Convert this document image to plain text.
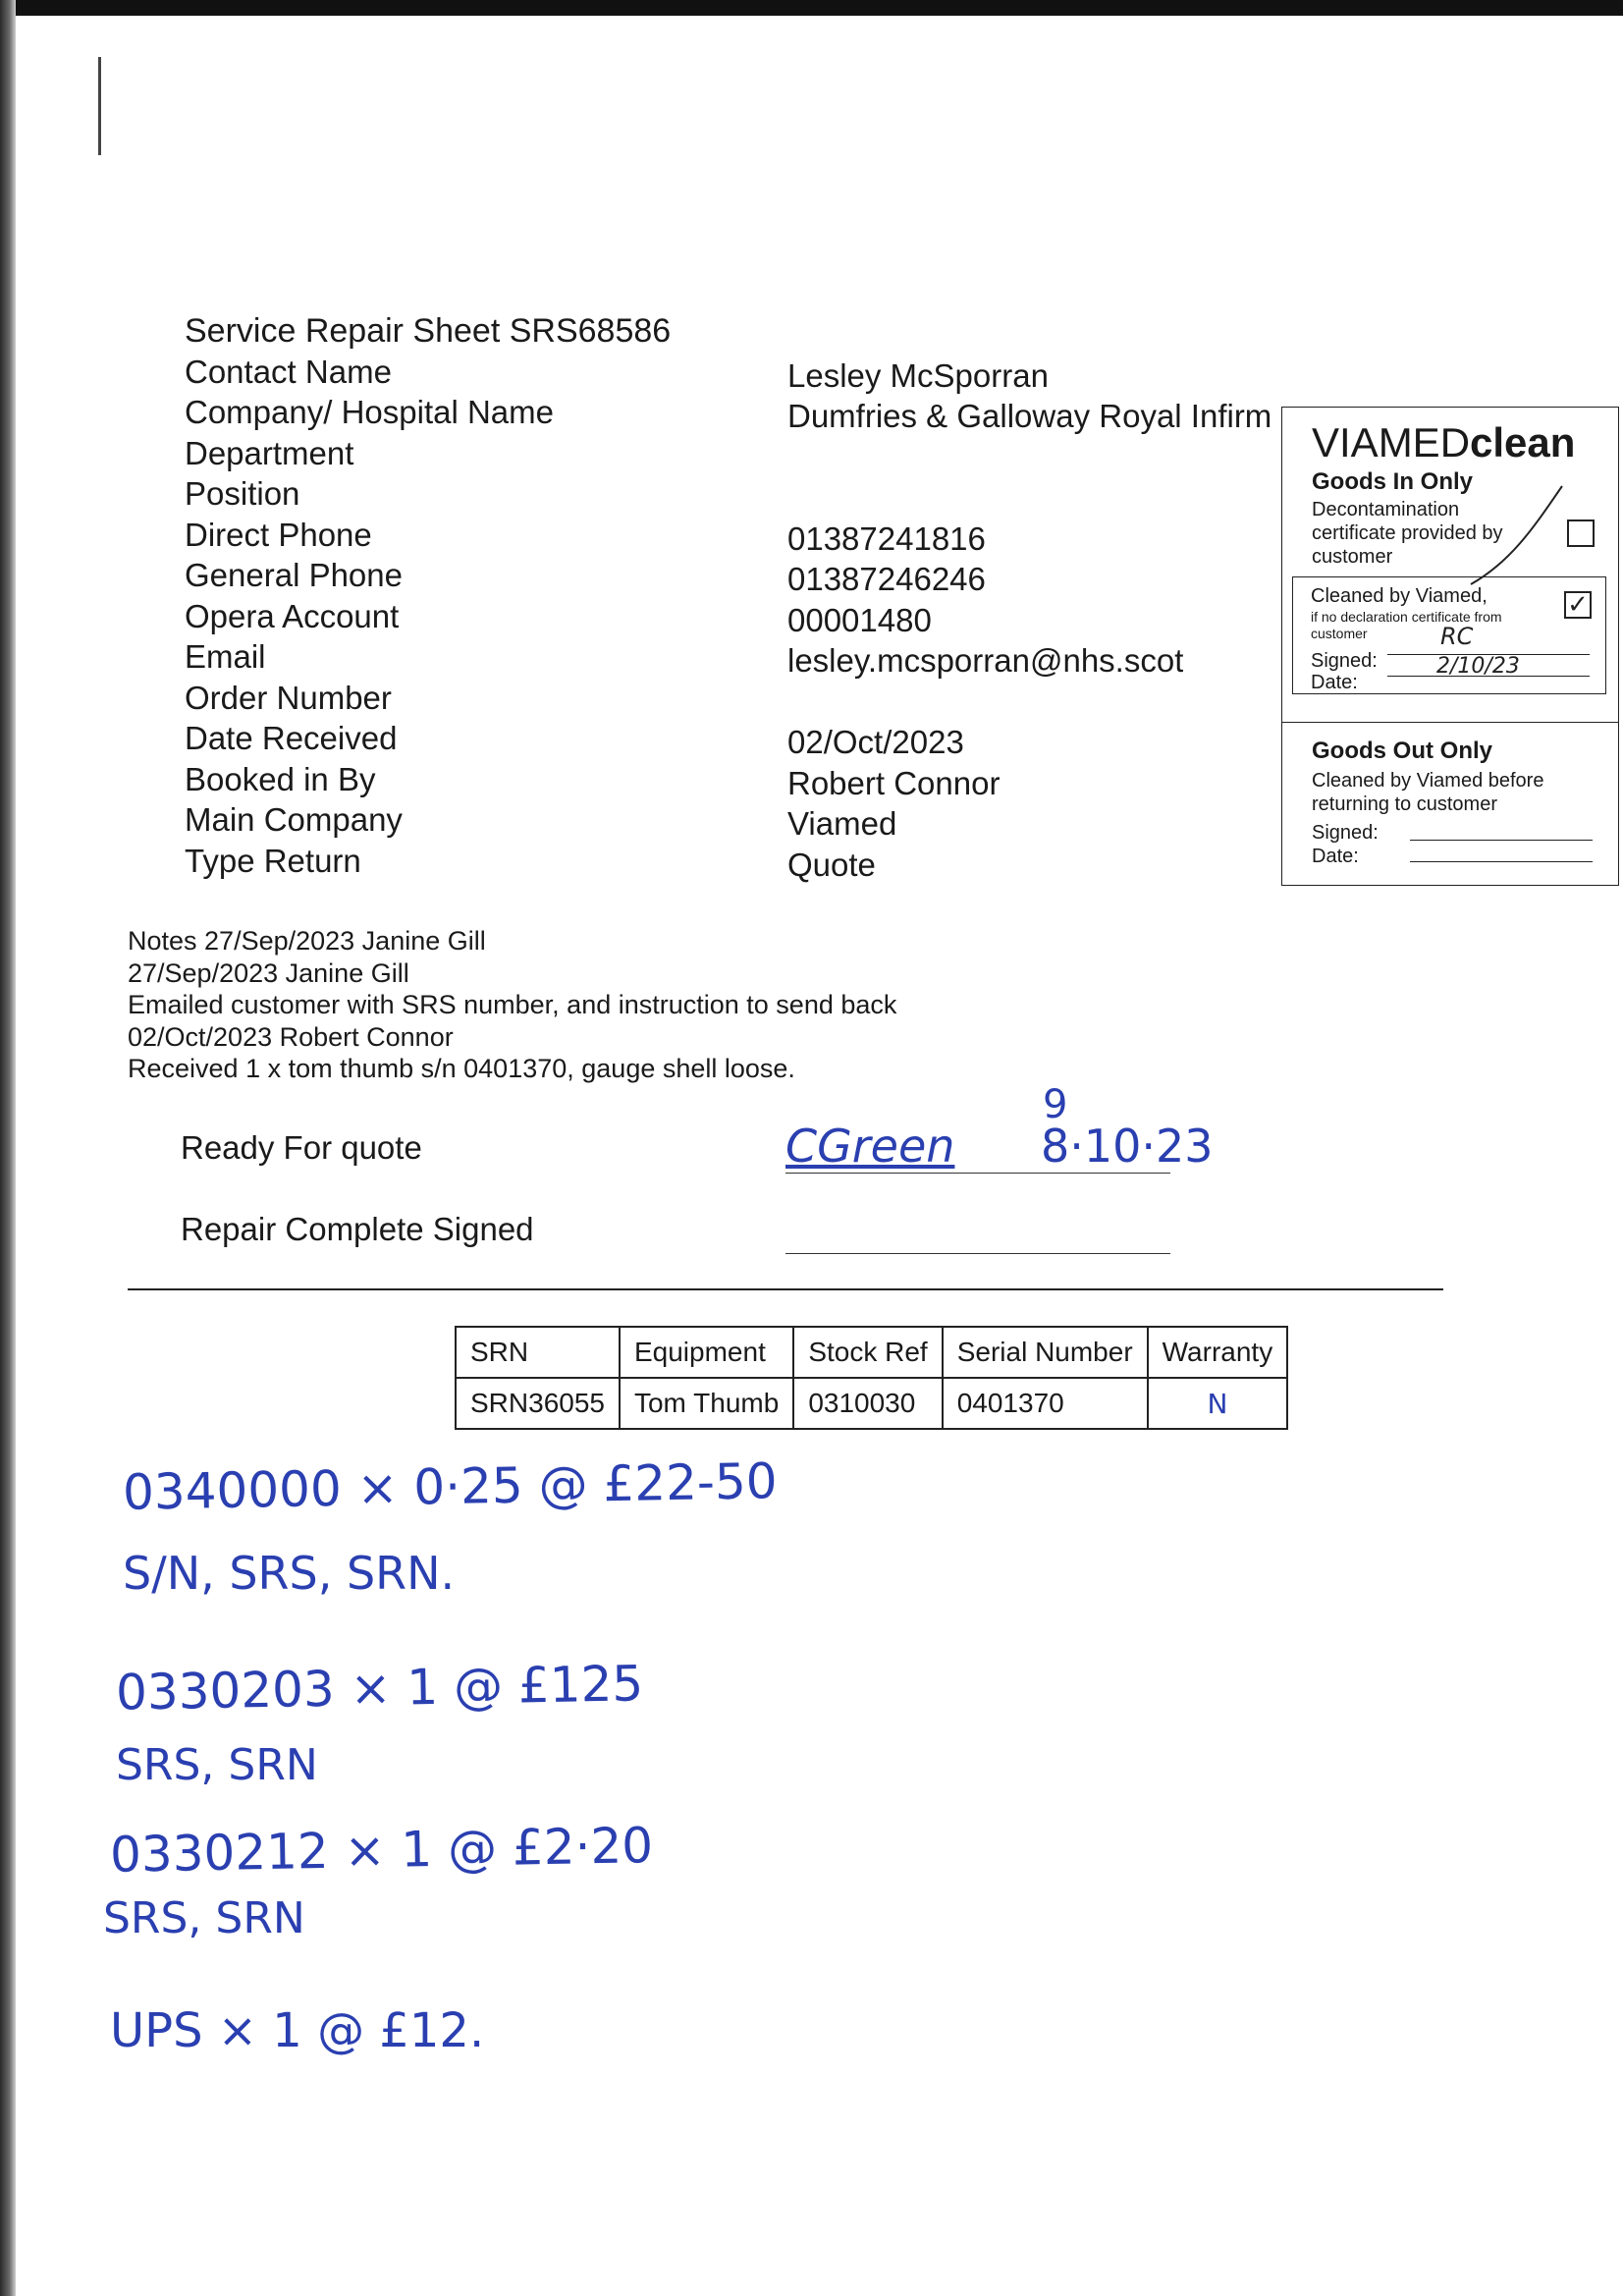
Service Repair Sheet SRS68586
Contact Name	Lesley McSporran
Company/ Hospital Name	Dumfries & Galloway Royal Infirm
Department
Position
Direct Phone	01387241816
General Phone	01387246246
Opera Account	00001480
Email	lesley.mcsporran@nhs.scot
Order Number
Date Received	02/Oct/2023
Booked in By	Robert Connor
Main Company	Viamed
Type Return	Quote
VIAMEDclean
Goods In Only
Decontamination certificate provided by customer
Cleaned by Viamed,
if no declaration certificate from customer
✓
Signed:
Date:
RC
2/10/23
Goods Out Only
Cleaned by Viamed before returning to customer
Signed:
Date:
Notes 27/Sep/2023 Janine Gill
27/Sep/2023 Janine Gill
Emailed customer with SRS number, and instruction to send back
02/Oct/2023 Robert Connor
Received 1 x tom thumb s/n 0401370, gauge shell loose.
Ready For quote	CGreen 8·10·23
9
Repair Complete Signed
SRN	Equipment	Stock Ref	Serial Number	Warranty
SRN36055	Tom Thumb	0310030	0401370	N
0340000 × 0·25 @ £22-50
S/N, SRS, SRN.
0330203 × 1 @ £125
SRS, SRN
0330212 × 1 @ £2·20
SRS, SRN
UPS × 1 @ £12.
